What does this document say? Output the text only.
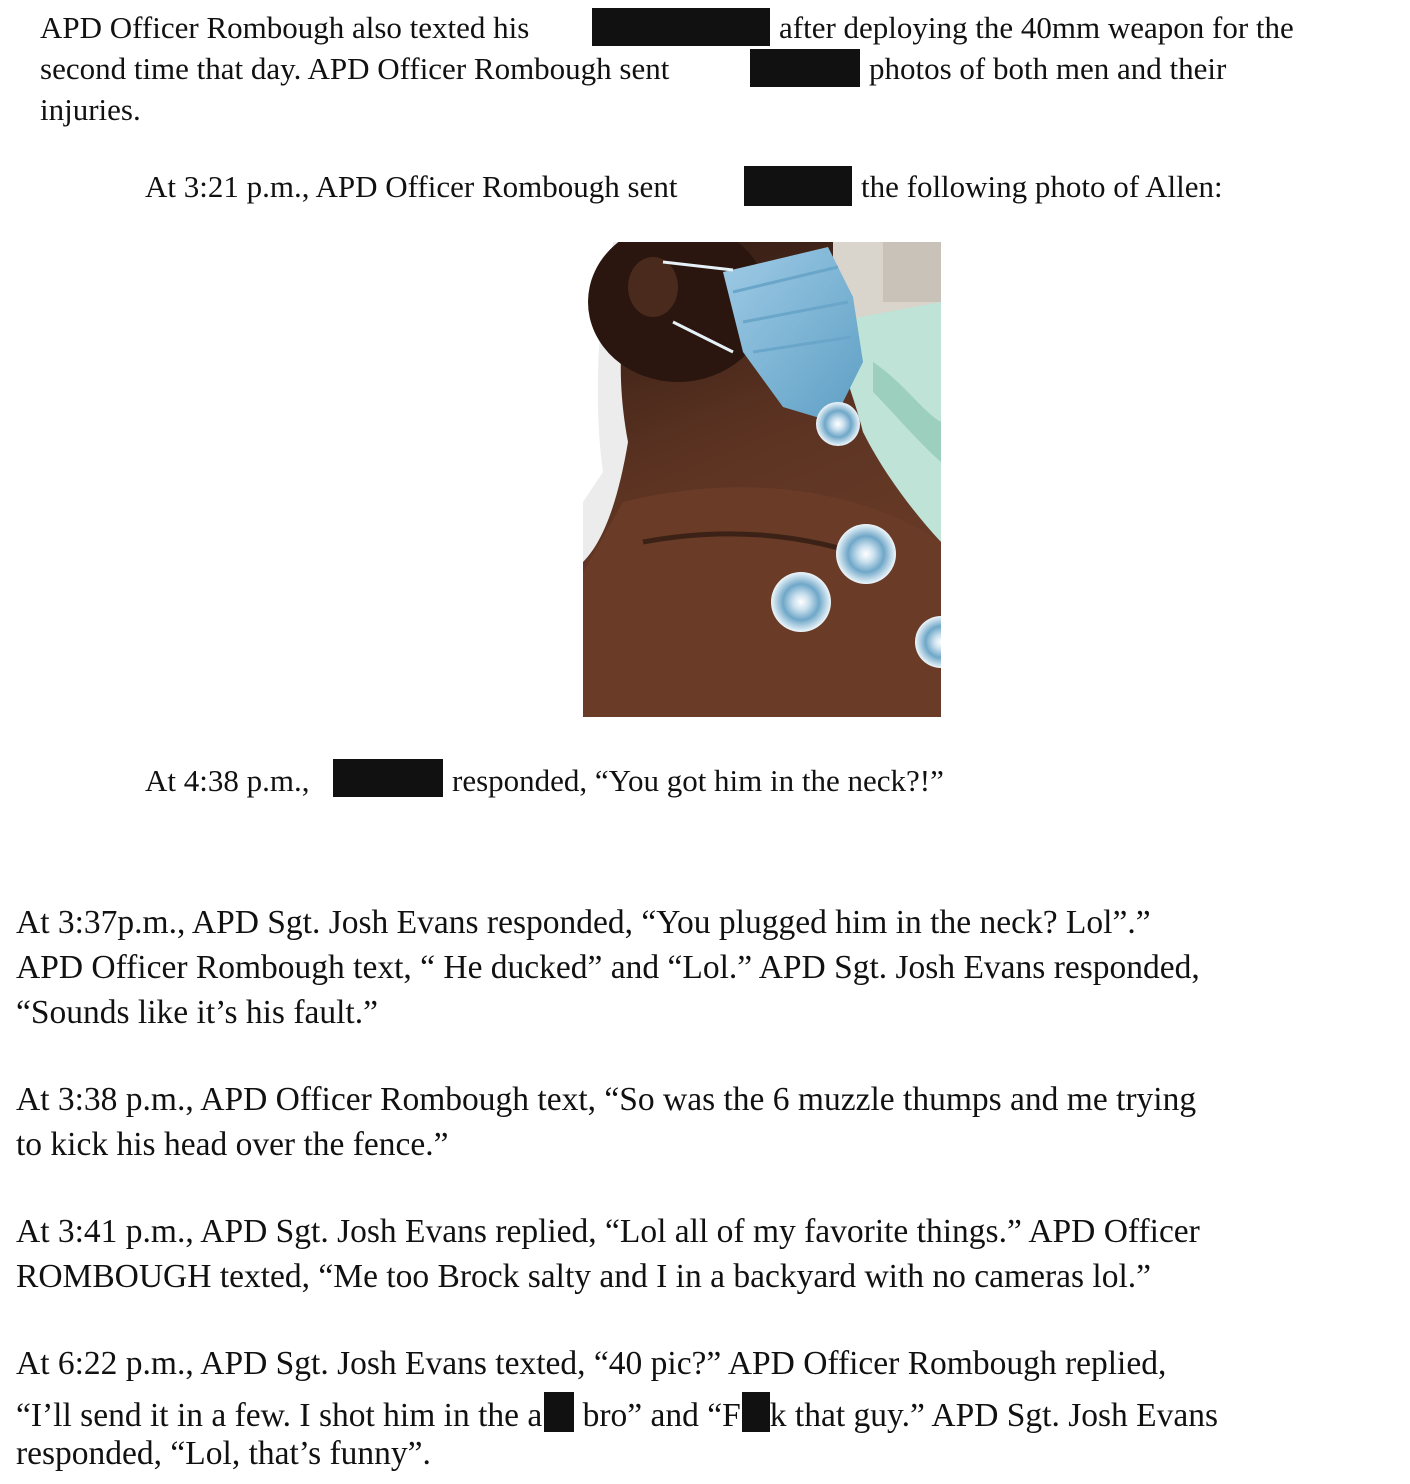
APD Officer Rombough also texted his	after deploying the 40mm weapon for the
second time that day. APD Officer Rombough sent	photos of both men and their
injuries.
At 3:21 p.m., APD Officer Rombough sent	the following photo of Allen:
At 4:38 p.m.,	responded, “You got him in the neck?!”
At 3:37p.m., APD Sgt. Josh Evans responded, “You plugged him in the neck? Lol”.”
APD Officer Rombough text, “ He ducked” and “Lol.” APD Sgt. Josh Evans responded,
“Sounds like it’s his fault.”
At 3:38 p.m., APD Officer Rombough text, “So was the 6 muzzle thumps and me trying
to kick his head over the fence.”
At 3:41 p.m., APD Sgt. Josh Evans replied, “Lol all of my favorite things.” APD Officer
ROMBOUGH texted, “Me too Brock salty and I in a backyard with no cameras lol.”
At 6:22 p.m., APD Sgt. Josh Evans texted, “40 pic?” APD Officer Rombough replied,
“I’ll send it in a few. I shot him in the a bro” and “F k that guy.” APD Sgt. Josh Evans
responded, “Lol, that’s funny”.
